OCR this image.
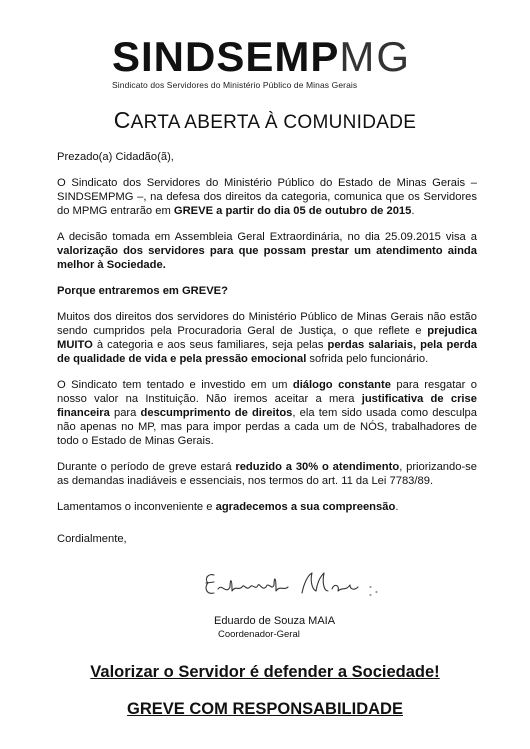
SINDSEMPMG
Sindicato dos Servidores do Ministério Público de Minas Gerais
CARTA ABERTA À COMUNIDADE

Prezado(a) Cidadão(ã),

O Sindicato dos Servidores do Ministério Público do Estado de Minas Gerais – SINDSEMPMG –, na defesa dos direitos da categoria, comunica que os Servidores do MPMG entrarão em GREVE a partir do dia 05 de outubro de 2015.

A decisão tomada em Assembleia Geral Extraordinária, no dia 25.09.2015 visa a valorização dos servidores para que possam prestar um atendimento ainda melhor à Sociedade.

Porque entraremos em GREVE?

Muitos dos direitos dos servidores do Ministério Público de Minas Gerais não estão sendo cumpridos pela Procuradoria Geral de Justiça, o que reflete e prejudica MUITO à categoria e aos seus familiares, seja pelas perdas salariais, pela perda de qualidade de vida e pela pressão emocional sofrida pelo funcionário.

O Sindicato tem tentado e investido em um diálogo constante para resgatar o nosso valor na Instituição. Não iremos aceitar a mera justificativa de crise financeira para descumprimento de direitos, ela tem sido usada como desculpa não apenas no MP, mas para impor perdas a cada um de NÓS, trabalhadores de todo o Estado de Minas Gerais.

Durante o período de greve estará reduzido a 30% o atendimento, priorizando-se as demandas inadiáveis e essenciais, nos termos do art. 11 da Lei 7783/89.

Lamentamos o inconveniente e agradecemos a sua compreensão.

Cordialmente,

Eduardo de Souza MAIA
Coordenador-Geral
Valorizar o Servidor é defender a Sociedade!
GREVE COM RESPONSABILIDADE
